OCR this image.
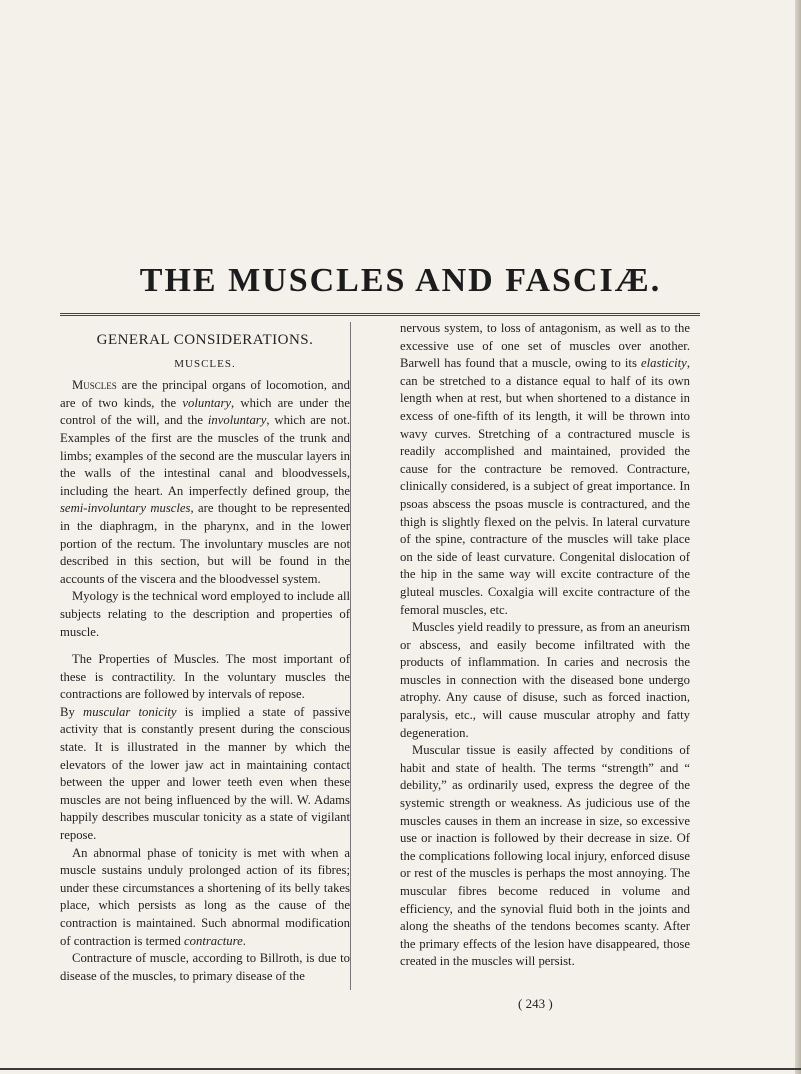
THE MUSCLES AND FASCIÆ.
GENERAL CONSIDERATIONS.
MUSCLES.

Muscles are the principal organs of locomotion, and are of two kinds, the voluntary, which are under the control of the will, and the involuntary, which are not. Examples of the first are the muscles of the trunk and limbs; examples of the second are the muscular layers in the walls of the intestinal canal and bloodvessels, including the heart. An imperfectly defined group, the semi-involuntary muscles, are thought to be represented in the diaphragm, in the pharynx, and in the lower portion of the rectum. The involuntary muscles are not described in this section, but will be found in the accounts of the viscera and the bloodvessel system.

Myology is the technical word employed to include all subjects relating to the description and properties of muscle.

The Properties of Muscles. The most important of these is contractility. In the voluntary muscles the contractions are followed by intervals of repose.

By muscular tonicity is implied a state of passive activity that is constantly present during the conscious state. It is illustrated in the manner by which the elevators of the lower jaw act in maintaining contact between the upper and lower teeth even when these muscles are not being influenced by the will. W. Adams happily describes muscular tonicity as a state of vigilant repose.

An abnormal phase of tonicity is met with when a muscle sustains unduly prolonged action of its fibres; under these circumstances a shortening of its belly takes place, which persists as long as the cause of the contraction is maintained. Such abnormal modification of contraction is termed contracture.

Contracture of muscle, according to Billroth, is due to disease of the muscles, to primary disease of the

nervous system, to loss of antagonism, as well as to the excessive use of one set of muscles over another. Barwell has found that a muscle, owing to its elasticity, can be stretched to a distance equal to half of its own length when at rest, but when shortened to a distance in excess of one-fifth of its length, it will be thrown into wavy curves. Stretching of a contractured muscle is readily accomplished and maintained, provided the cause for the contracture be removed. Contracture, clinically considered, is a subject of great importance. In psoas abscess the psoas muscle is contractured, and the thigh is slightly flexed on the pelvis. In lateral curvature of the spine, contracture of the muscles will take place on the side of least curvature. Congenital dislocation of the hip in the same way will excite contracture of the gluteal muscles. Coxalgia will excite contracture of the femoral muscles, etc.

Muscles yield readily to pressure, as from an aneurism or abscess, and easily become infiltrated with the products of inflammation. In caries and necrosis the muscles in connection with the diseased bone undergo atrophy. Any cause of disuse, such as forced inaction, paralysis, etc., will cause muscular atrophy and fatty degeneration.

Muscular tissue is easily affected by conditions of habit and state of health. The terms “strength” and “ debility,” as ordinarily used, express the degree of the systemic strength or weakness. As judicious use of the muscles causes in them an increase in size, so excessive use or inaction is followed by their decrease in size. Of the complications following local injury, enforced disuse or rest of the muscles is perhaps the most annoying. The muscular fibres become reduced in volume and efficiency, and the synovial fluid both in the joints and along the sheaths of the tendons becomes scanty. After the primary effects of the lesion have disappeared, those created in the muscles will persist.

( 243 )
